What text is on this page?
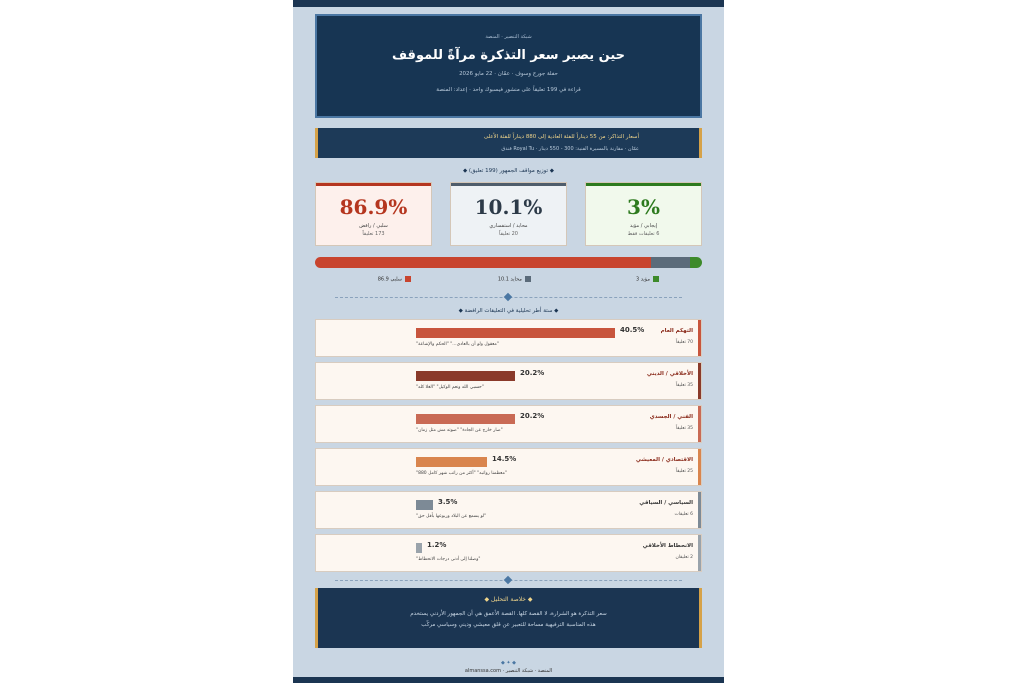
شبكة التنصير · المنصة
حين يصير سعر التذكرة مرآةً للموقف
حفلة جورج وسوف · عمّان · 22 مايو 2026
قراءة في 199 تعليقاً على منشور فيسبوك واحد · إعداد: المنصة
أسعار التذاكر: من 55 ديناراً للفئة العادية إلى 880 ديناراً للفئة الأعلى
عمّان · مقارنة بالمسيرة الفنية: 300 - 550 دينار · Royal Tu فندق
◆ توزيع مواقف الجمهور (199 تعليق) ◆
86.9%
سلبي / رافض
173 تعليقاً
10.1%
محايد / استفساري
20 تعليقاً
3%
إيجابي / مؤيد
6 تعليقات فقط
سلبي 86.9	محايد 10.1	مؤيد 3
◆ ستة أطر تحليلية في التعليقات الرافضة ◆
التهكم العام
70 تعليقاً
40.5%
"معقول ولو أن بالعادي..." "الحكم والإشاعة"
الأخلاقي / الديني
35 تعليقاً
20.2%
"حسبي الله ونعم الوكيل" "الغلا كله"
الفني / الجسدي
35 تعليقاً
20.2%
"صار خارج عن الجادة" "صوته مش مثل زمان"
الاقتصادي / المعيشي
25 تعليقاً
14.5%
"معظمنا رواتبه" "أكثر من راتب شهر كامل 880"
السياسي / السياقي
6 تعليقات
3.5%
"لو يسمع عن البلاد وربوعها بأقل حق"
الانحطاط الأخلاقي
2 تعليقان
1.2%
"وصلنا إلى أدنى درجات الانحطاط"
◆ خلاصة التحليل ◆
سعر التذكرة هو الشرارة، لا القصة كلها. القصة الأعمق هي أن الجمهور الأردني يستخدم
هذه المناسبة الترفيهية مساحة للتعبير عن قلق معيشي وديني وسياسي مركّب
◆ ✦ ◆
المنصة · شبكة التنصير · almanssa.com
